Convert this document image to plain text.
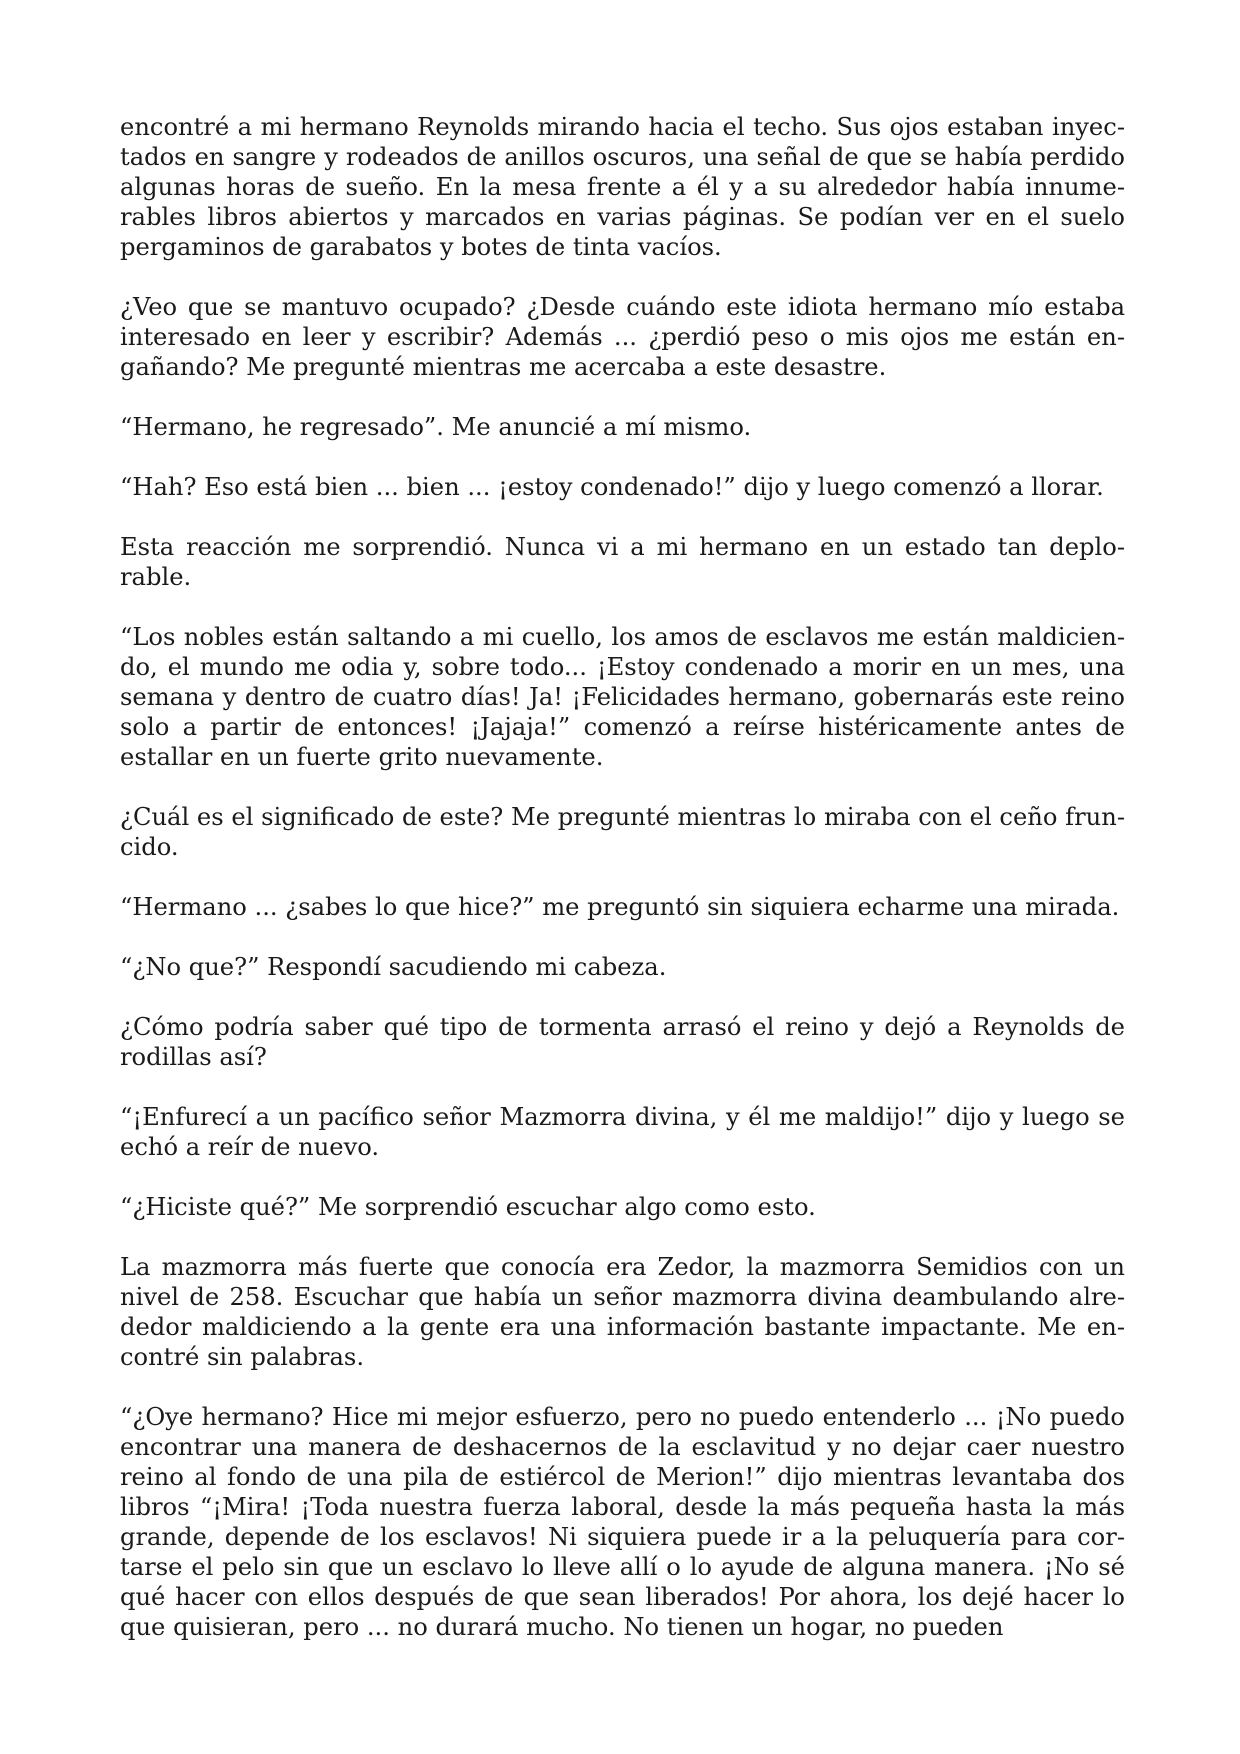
encontré a mi hermano Reynolds mirando hacia el techo. Sus ojos estaban inyectados en sangre y rodeados de anillos oscuros, una señal de que se había perdido algunas horas de sueño. En la mesa frente a él y a su alrededor había innumerables libros abiertos y marcados en varias páginas. Se podían ver en el suelo pergaminos de garabatos y botes de tinta vacíos.

¿Veo que se mantuvo ocupado? ¿Desde cuándo este idiota hermano mío estaba interesado en leer y escribir? Además ... ¿perdió peso o mis ojos me están engañando? Me pregunté mientras me acercaba a este desastre.

“Hermano, he regresado”. Me anuncié a mí mismo.

“Hah? Eso está bien ... bien ... ¡estoy condenado!” dijo y luego comenzó a llorar.

Esta reacción me sorprendió. Nunca vi a mi hermano en un estado tan deplorable.

“Los nobles están saltando a mi cuello, los amos de esclavos me están maldiciendo, el mundo me odia y, sobre todo... ¡Estoy condenado a morir en un mes, una semana y dentro de cuatro días! Ja! ¡Felicidades hermano, gobernarás este reino solo a partir de entonces! ¡Jajaja!” comenzó a reírse histéricamente antes de estallar en un fuerte grito nuevamente.

¿Cuál es el significado de este? Me pregunté mientras lo miraba con el ceño fruncido.

“Hermano ... ¿sabes lo que hice?” me preguntó sin siquiera echarme una mirada.

“¿No que?” Respondí sacudiendo mi cabeza.

¿Cómo podría saber qué tipo de tormenta arrasó el reino y dejó a Reynolds de rodillas así?

“¡Enfurecí a un pacífico señor Mazmorra divina, y él me maldijo!” dijo y luego se echó a reír de nuevo.

“¿Hiciste qué?” Me sorprendió escuchar algo como esto.

La mazmorra más fuerte que conocía era Zedor, la mazmorra Semidios con un nivel de 258. Escuchar que había un señor mazmorra divina deambulando alrededor maldiciendo a la gente era una información bastante impactante. Me encontré sin palabras.

“¿Oye hermano? Hice mi mejor esfuerzo, pero no puedo entenderlo ... ¡No puedo encontrar una manera de deshacernos de la esclavitud y no dejar caer nuestro reino al fondo de una pila de estiércol de Merion!” dijo mientras levantaba dos libros “¡Mira! ¡Toda nuestra fuerza laboral, desde la más pequeña hasta la más grande, depende de los esclavos! Ni siquiera puede ir a la peluquería para cortarse el pelo sin que un esclavo lo lleve allí o lo ayude de alguna manera. ¡No sé qué hacer con ellos después de que sean liberados! Por ahora, los dejé hacer lo que quisieran, pero ... no durará mucho. No tienen un hogar, no pueden
